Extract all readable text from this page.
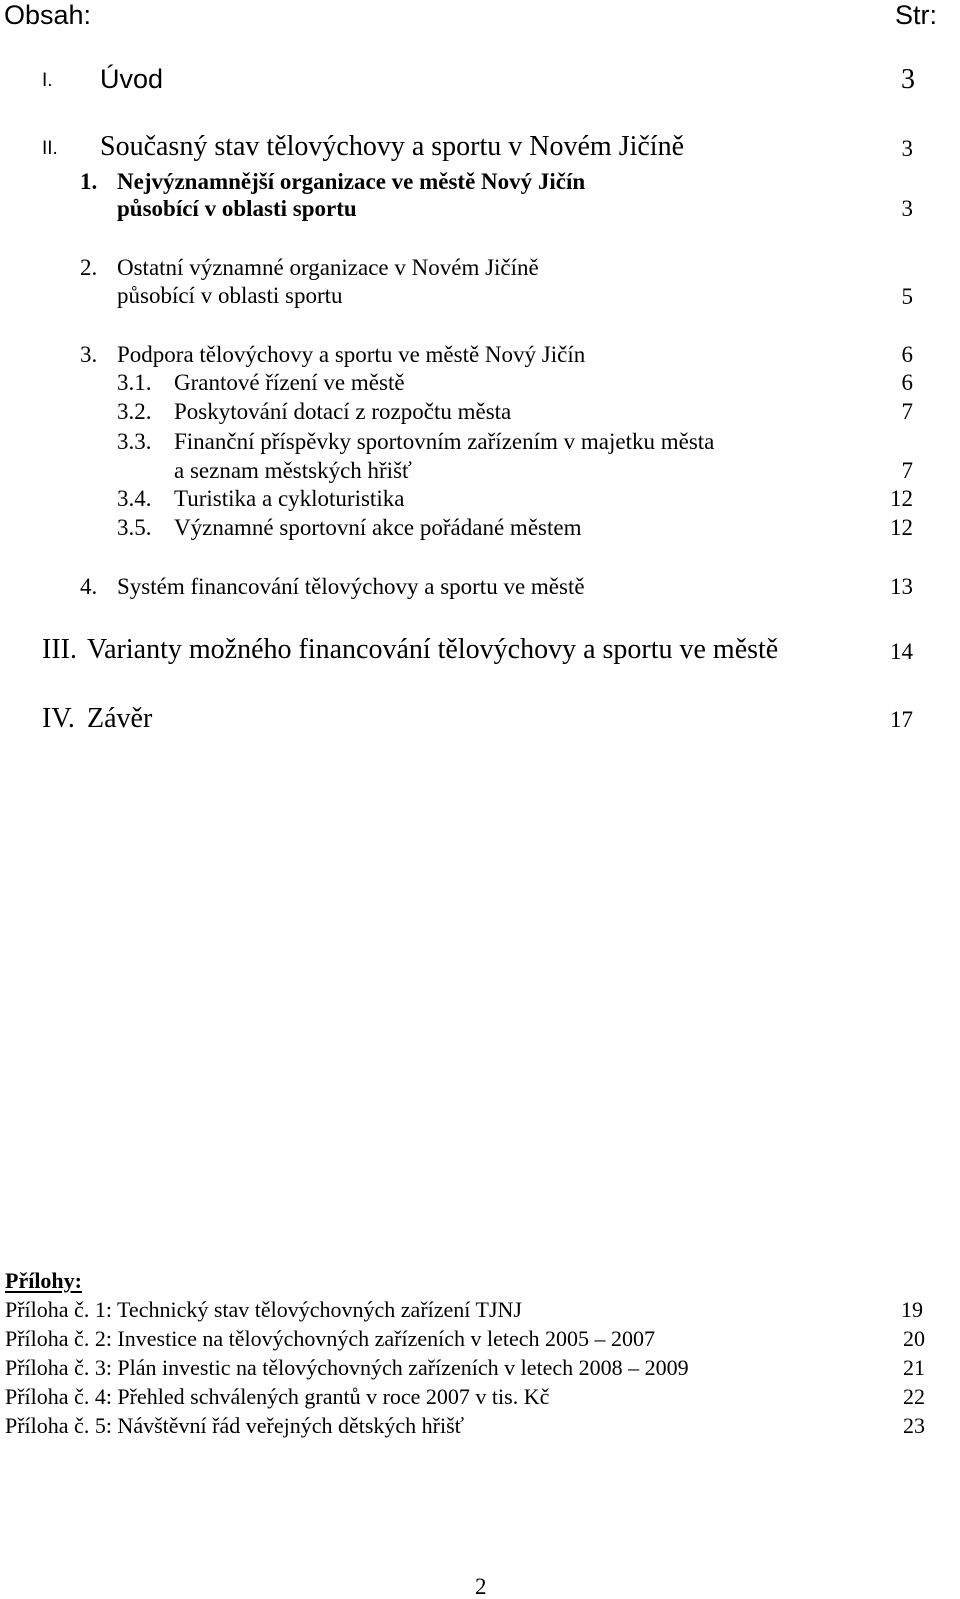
Obsah:	Str:
I. Úvod	3
II. Současný stav tělovýchovy a sportu v Novém Jičíně	3
1. Nejvýznamnější organizace ve městě Nový Jičín
působící v oblasti sportu	3
2. Ostatní významné organizace v Novém Jičíně
působící v oblasti sportu	5
3. Podpora tělovýchovy a sportu ve městě Nový Jičín	6
3.1. Grantové řízení ve městě	6
3.2. Poskytování dotací z rozpočtu města	7
3.3. Finanční příspěvky sportovním zařízením v majetku města
a seznam městských hřišť	7
3.4. Turistika a cykloturistika	12
3.5. Významné sportovní akce pořádané městem	12
4. Systém financování tělovýchovy a sportu ve městě	13
III. Varianty možného financování tělovýchovy a sportu ve městě	14
IV. Závěr	17
Přílohy:
Příloha č. 1: Technický stav tělovýchovných zařízení TJNJ	19
Příloha č. 2: Investice na tělovýchovných zařízeních v letech 2005 – 2007	20
Příloha č. 3: Plán investic na tělovýchovných zařízeních v letech 2008 – 2009	21
Příloha č. 4: Přehled schválených grantů v roce 2007 v tis. Kč	22
Příloha č. 5: Návštěvní řád veřejných dětských hřišť	23
2
